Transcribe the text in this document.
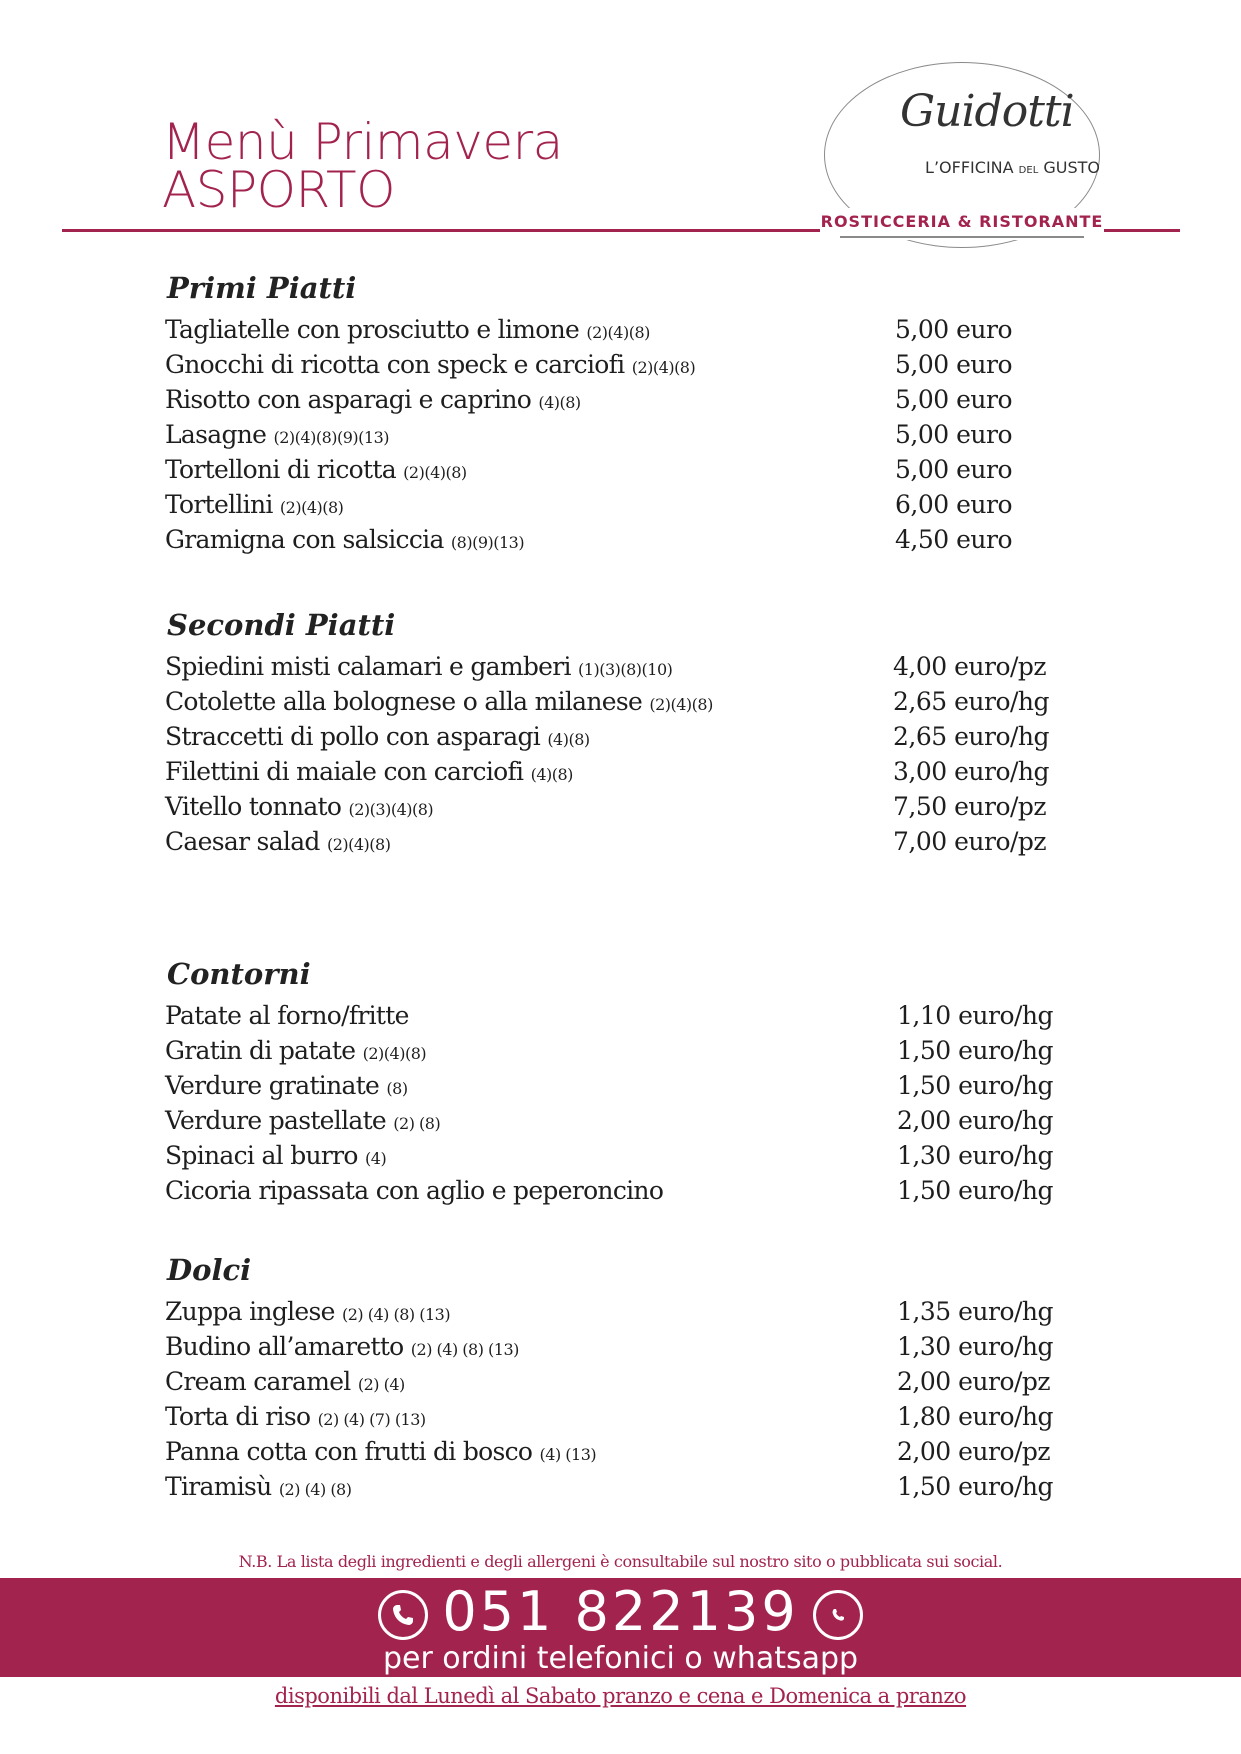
Menù Primavera
ASPORTO
Guidotti
L’OFFICINA DEL GUSTO
ROSTICCERIA & RISTORANTE
Primi Piatti
Tagliatelle con prosciutto e limone (2)(4)(8)	5,00 euro
Gnocchi di ricotta con speck e carciofi (2)(4)(8)	5,00 euro
Risotto con asparagi e caprino (4)(8)	5,00 euro
Lasagne (2)(4)(8)(9)(13)	5,00 euro
Tortelloni di ricotta (2)(4)(8)	5,00 euro
Tortellini (2)(4)(8)	6,00 euro
Gramigna con salsiccia (8)(9)(13)	4,50 euro
Secondi Piatti
Spiedini misti calamari e gamberi (1)(3)(8)(10)	4,00 euro/pz
Cotolette alla bolognese o alla milanese (2)(4)(8)	2,65 euro/hg
Straccetti di pollo con asparagi (4)(8)	2,65 euro/hg
Filettini di maiale con carciofi (4)(8)	3,00 euro/hg
Vitello tonnato (2)(3)(4)(8)	7,50 euro/pz
Caesar salad (2)(4)(8)	7,00 euro/pz
Contorni
Patate al forno/fritte	1,10 euro/hg
Gratin di patate (2)(4)(8)	1,50 euro/hg
Verdure gratinate (8)	1,50 euro/hg
Verdure pastellate (2) (8)	2,00 euro/hg
Spinaci al burro (4)	1,30 euro/hg
Cicoria ripassata con aglio e peperoncino	1,50 euro/hg
Dolci
Zuppa inglese (2) (4) (8) (13)	1,35 euro/hg
Budino all’amaretto (2) (4) (8) (13)	1,30 euro/hg
Cream caramel (2) (4)	2,00 euro/pz
Torta di riso (2) (4) (7) (13)	1,80 euro/hg
Panna cotta con frutti di bosco (4) (13)	2,00 euro/pz
Tiramisù (2) (4) (8)	1,50 euro/hg
N.B. La lista degli ingredienti e degli allergeni è consultabile sul nostro sito o pubblicata sui social.
051 822139
per ordini telefonici o whatsapp
disponibili dal Lunedì al Sabato pranzo e cena e Domenica a pranzo
